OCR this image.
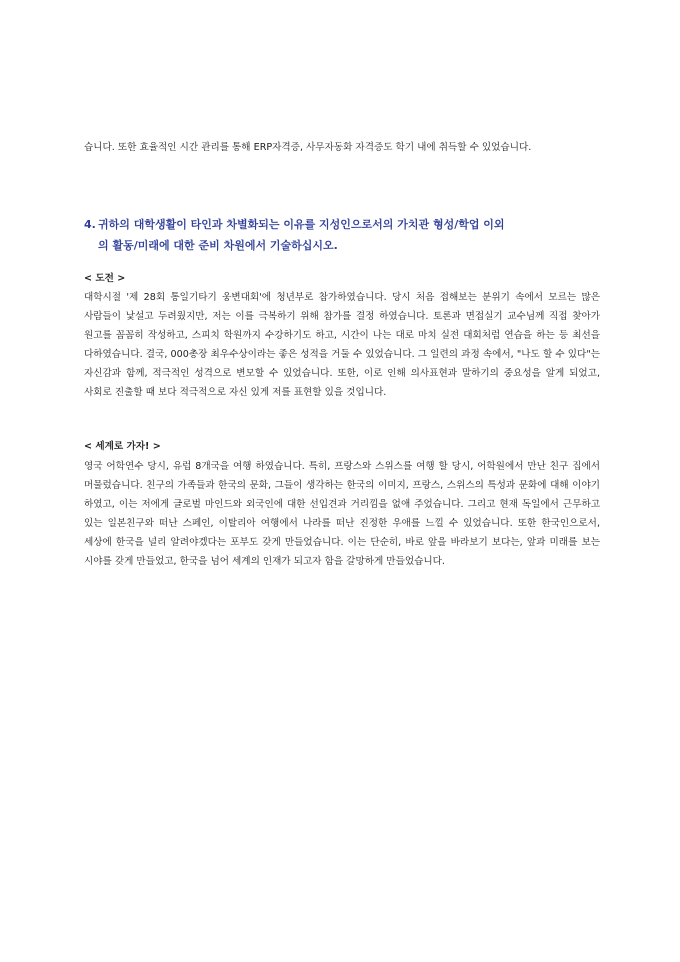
습니다. 또한 효율적인 시간 관리를 통해 ERP자격증, 사무자동화 자격증도 학기 내에 취득할 수 있었습니다.

4. 귀하의 대학생활이 타인과 차별화되는 이유를 지성인으로서의 가치관 형성/학업 이외
의 활동/미래에 대한 준비 차원에서 기술하십시오.

< 도전 >

대학시절 '제 28회 통일기타기 웅변대회'에 청년부로 참가하였습니다. 당시 처음 접해보는 분위기 속에서 모르는 많은 사람들이 낯설고 두려웠지만, 저는 이를 극복하기 위해 참가를 결정 하였습니다. 토론과 면접실기 교수님께 직접 찾아가 원고를 꼼꼼히 작성하고, 스피치 학원까지 수강하기도 하고, 시간이 나는 대로 마치 실전 대회처럼 연습을 하는 등 최선을 다하였습니다. 결국, 000총장 최우수상이라는 좋은 성적을 거둘 수 있었습니다. 그 일련의 과정 속에서, "나도 할 수 있다"는 자신감과 함께, 적극적인 성격으로 변모할 수 있었습니다. 또한, 이로 인해 의사표현과 말하기의 중요성을 알게 되었고, 사회로 진출할 때 보다 적극적으로 자신 있게 저를 표현할 있을 것입니다.

< 세계로 가자! >

영국 어학연수 당시, 유럽 8개국을 여행 하였습니다. 특히, 프랑스와 스위스를 여행 할 당시, 어학원에서 만난 친구 집에서 머물렀습니다. 친구의 가족들과 한국의 문화, 그들이 생각하는 한국의 이미지, 프랑스, 스위스의 특성과 문화에 대해 이야기 하였고, 이는 저에게 글로벌 마인드와 외국인에 대한 선입견과 거리낌을 없애 주었습니다. 그리고 현재 독일에서 근무하고 있는 일본친구와 떠난 스페인, 이탈리아 여행에서 나라를 떠난 진정한 우애를 느낄 수 있었습니다. 또한 한국인으로서, 세상에 한국을 널리 알려야겠다는 포부도 갖게 만들었습니다. 이는 단순히, 바로 앞을 바라보기 보다는, 앞과 미래를 보는 시야를 갖게 만들었고, 한국을 넘어 세계의 인재가 되고자 함을 갈망하게 만들었습니다.
